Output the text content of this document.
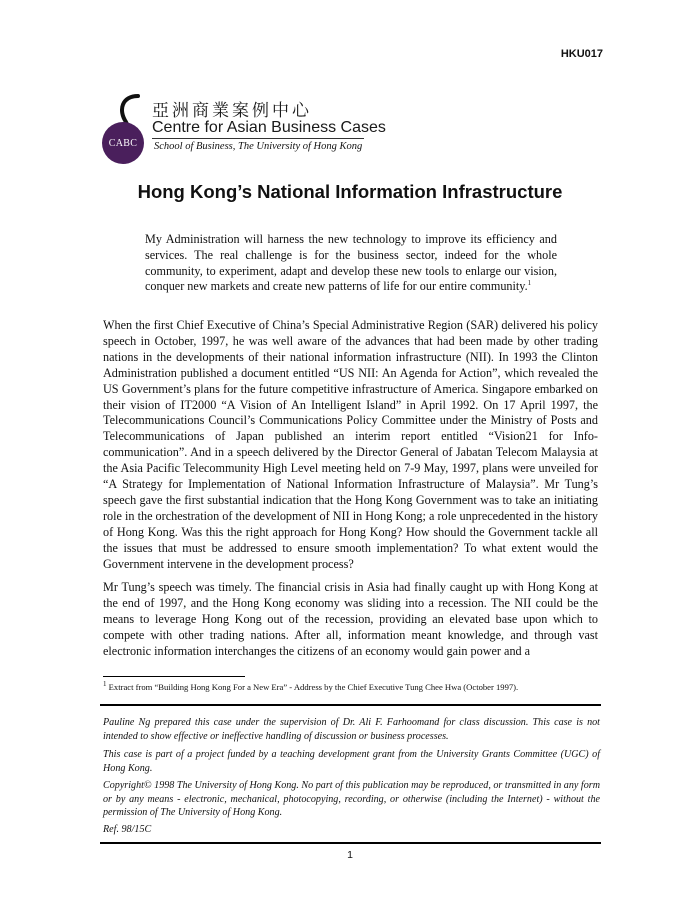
HKU017
CABC
亞洲商業案例中心
Centre for Asian Business Cases
School of Business, The University of Hong Kong
Hong Kong’s National Information Infrastructure
My Administration will harness the new technology to improve its efficiency and services. The real challenge is for the business sector, indeed for the whole community, to experiment, adapt and develop these new tools to enlarge our vision, conquer new markets and create new patterns of life for our entire community.$^1$
When the first Chief Executive of China’s Special Administrative Region (SAR) delivered his policy speech in October, 1997, he was well aware of the advances that had been made by other trading nations in the developments of their national information infrastructure (NII). In 1993 the Clinton Administration published a document entitled “US NII: An Agenda for Action”, which revealed the US Government’s plans for the future competitive infrastructure of America. Singapore embarked on their vision of IT2000 “A Vision of An Intelligent Island” in April 1992. On 17 April 1997, the Telecommunications Council’s Communications Policy Committee under the Ministry of Posts and Telecommunications of Japan published an interim report entitled “Vision21 for Info-communication”. And in a speech delivered by the Director General of Jabatan Telecom Malaysia at the Asia Pacific Telecommunity High Level meeting held on 7-9 May, 1997, plans were unveiled for “A Strategy for Implementation of National Information Infrastructure of Malaysia”. Mr Tung’s speech gave the first substantial indication that the Hong Kong Government was to take an initiating role in the orchestration of the development of NII in Hong Kong; a role unprecedented in the history of Hong Kong. Was this the right approach for Hong Kong? How should the Government tackle all the issues that must be addressed to ensure smooth implementation? To what extent would the Government intervene in the development process?
Mr Tung’s speech was timely. The financial crisis in Asia had finally caught up with Hong Kong at the end of 1997, and the Hong Kong economy was sliding into a recession. The NII could be the means to leverage Hong Kong out of the recession, providing an elevated base upon which to compete with other trading nations. After all, information meant knowledge, and through vast electronic information interchanges the citizens of an economy would gain power and a
$^1$ Extract from “Building Hong Kong For a New Era” - Address by the Chief Executive Tung Chee Hwa (October 1997).
Pauline Ng prepared this case under the supervision of Dr. Ali F. Farhoomand for class discussion. This case is not intended to show effective or ineffective handling of discussion or business processes.
This case is part of a project funded by a teaching development grant from the University Grants Committee (UGC) of Hong Kong.
Copyright© 1998 The University of Hong Kong. No part of this publication may be reproduced, or transmitted in any form or by any means - electronic, mechanical, photocopying, recording, or otherwise (including the Internet) - without the permission of The University of Hong Kong.
Ref. 98/15C
1
